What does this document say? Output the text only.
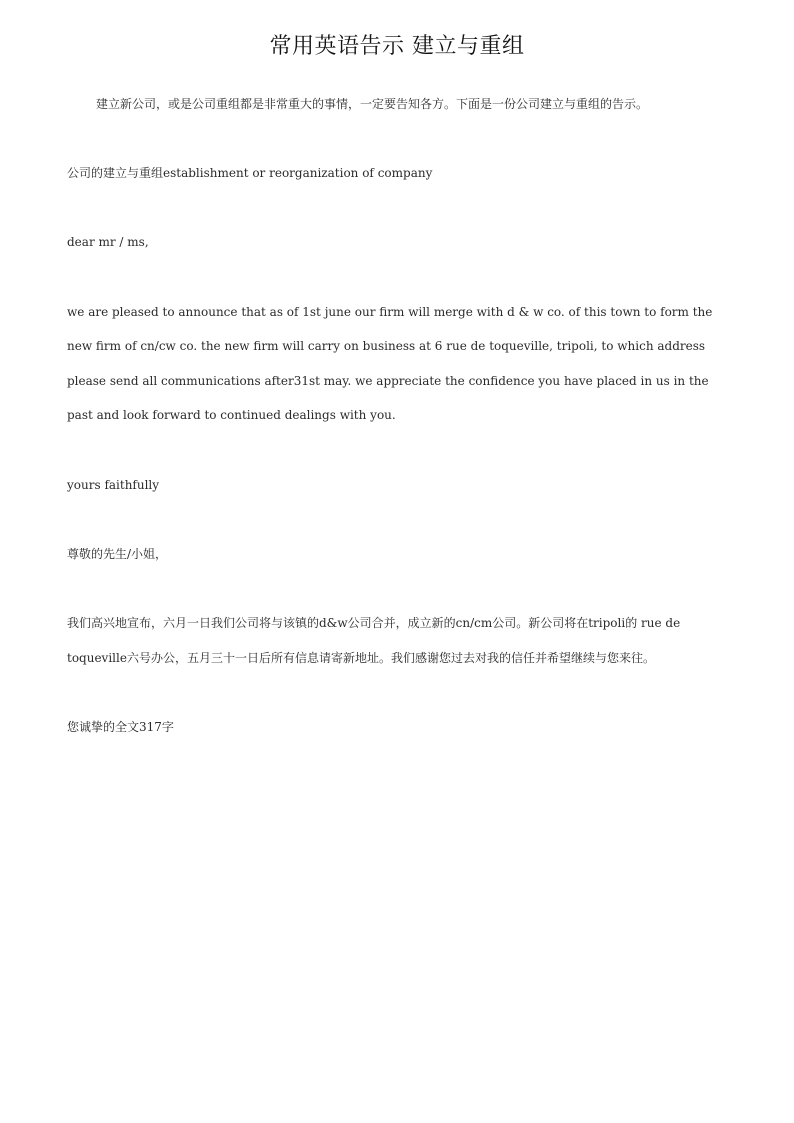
常用英语告示 建立与重组

建立新公司，或是公司重组都是非常重大的事情，一定要告知各方。下面是一份公司建立与重组的告示。

公司的建立与重组establishment or reorganization of company

dear mr / ms,

we are pleased to announce that as of 1st june our firm will merge with d & w co. of this town to form the new firm of cn/cw co. the new firm will carry on business at 6 rue de toqueville, tripoli, to which address please send all communications after31st may. we appreciate the confidence you have placed in us in the past and look forward to continued dealings with you.

yours faithfully

尊敬的先生/小姐，

我们高兴地宣布，六月一日我们公司将与该镇的d&w公司合并，成立新的cn/cm公司。新公司将在tripoli的 rue de toqueville六号办公，五月三十一日后所有信息请寄新地址。我们感谢您过去对我的信任并希望继续与您来往。

您诚挚的全文317字
